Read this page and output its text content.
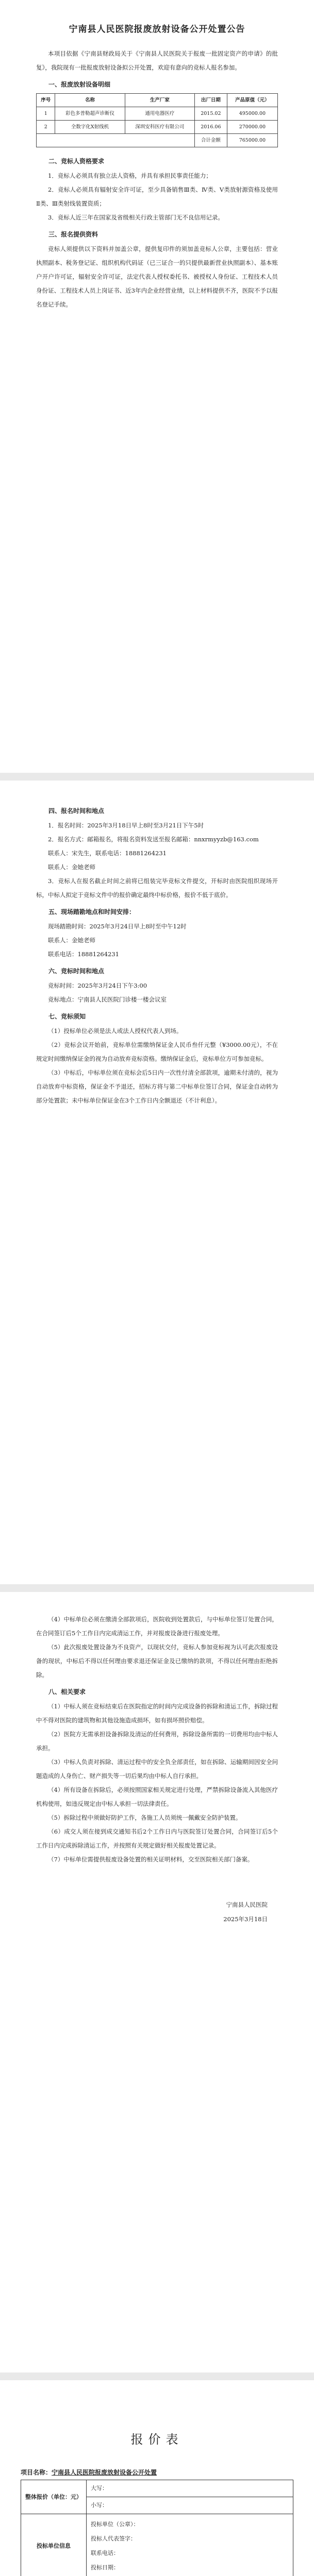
宁南县人民医院报废放射设备公开处置公告

本项目依据《宁南县财政局关于《宁南县人民医院关于报废一批固定资产的申请》的批复》，我院现有一批报废放射设备拟公开处置，欢迎有意向的竞标人报名参加。

一、报废放射设备明细
序号	名称	生产厂家	出厂日期	产品原值（元）
1	彩色多普勒超声诊断仪	通用电器医疗	2015.02	495000.00
2	全数字化X射线机	深圳安科医疗有限公司	2016.06	270000.00
			合计金额	765000.00
二、竞标人资格要求

1．竞标人必须具有独立法人资格，并具有承担民事责任能力；

2．竞标人必须具有辐射安全许可证，至少具备销售Ⅲ类、Ⅳ类、Ⅴ类放射源资格及使用Ⅱ类、Ⅲ类射线装置资质；

3．竞标人近三年在国家及省级相关行政主管部门无不良信用记录。

三、报名提供资料

竞标人须提供以下资料并加盖公章，提供复印件的须加盖竞标人公章，主要包括：营业执照副本、税务登记证、组织机构代码证（已三证合一的只提供最新营业执照副本）、基本账户开户许可证，辐射安全许可证，法定代表人授权委托书、被授权人身份证、工程技术人员身份证、工程技术人员上岗证书、近3年内企业经营业绩，以上材料提供不齐，医院不予以报名登记手续。

四、报名时间和地点

1．报名时间：2025年3月18日早上8时至3月21日下午5时

2．报名方式：邮箱报名，将报名资料发送至报名邮箱：nnxrmyyzb@163.com

联系人：宋先生，联系电话：18881264231

联系人：金她老师

3．竞标人在报名截止时间之前将已组装完毕竞标文件提交，开标时由医院组织现场开标，中标人拟定于竞标文件中的报价确定最终中标价格，报价不低于底价。

五、现场踏勘地点和时间安排：

现场踏勘时间：2025年3月24日早上8时至中午12时

联系人：金她老师

联系电话：18881264231

六、竞标时间和地点

竞标时间：2025年3月24日下午3:00

竞标地点：宁南县人民医院门诊楼一楼会议室

七、竞标须知

（1）投标单位必须是法人或法人授权代表人到场。

（2）竞标会议开始前，竞标单位需缴纳保证金人民币叁仟元整（¥3000.00元），不在规定时间缴纳保证金的视为自动放弃竞标资格。缴纳保证金后，竞标单位方可参加竞标。

（3）中标后，中标单位须在竞标会后5日内一次性付清全部款项，逾期未付清的，视为自动放弃中标资格，保证金不予退还，招标方将与第二中标单位签订合同，保证金自动转为部分处置款；未中标单位保证金在3个工作日内全额退还（不计利息）。

（4）中标单位必须在缴清全部款项后，医院收到处置款后，与中标单位签订处置合同，在合同签订后5个工作日内完成清运工作，并对报废设备进行报废处理。

（5）此次报废处置设备为不良资产，以现状交付，竞标人参加竞标视为认可此次报废设备的现状，中标后不得以任何理由要求退还保证金及已缴纳的款项，不得以任何理由拒绝拆除。

八、相关要求

（1）中标人须在竞标结束后在医院指定的时间内完成设备的拆除和清运工作，拆除过程中不得对医院的建筑物和其他设施造成损坏，如有损坏照价赔偿。

（2）医院方无需承担设备拆除及清运的任何费用，拆除设备所需的一切费用均由中标人承担。

（3）中标人负责对拆除、清运过程中的安全负全部责任，如在拆除、运输期间因安全问题造成的人身伤亡、财产损失等一切后果均由中标人自行承担。

（4）所有设备在拆除后，必须按照国家相关规定进行处理，严禁拆除设备流入其他医疗机构使用，如违反规定由中标人承担一切法律责任。

（5）拆除过程中须做好防护工作，各施工人员须统一佩戴安全防护装置。

（6）成交人须在接到成交通知书后2个工作日内与医院签订处置合同，合同签订后5个工作日内完成拆除清运工作，并按照有关规定做好相关报废处置记录。

（7）中标单位需提供报废设备处置的相关证明材料，交至医院相关部门备案。

宁南县人民医院
2025年3月18日
报价表
项目名称：宁南县人民医院报废放射设备公开处置
整体报价（单位：元）	大写：
	小写：
投标单位信息	投标单位（公章）：
投标人代表签字：
联系电话：
投标日期：
